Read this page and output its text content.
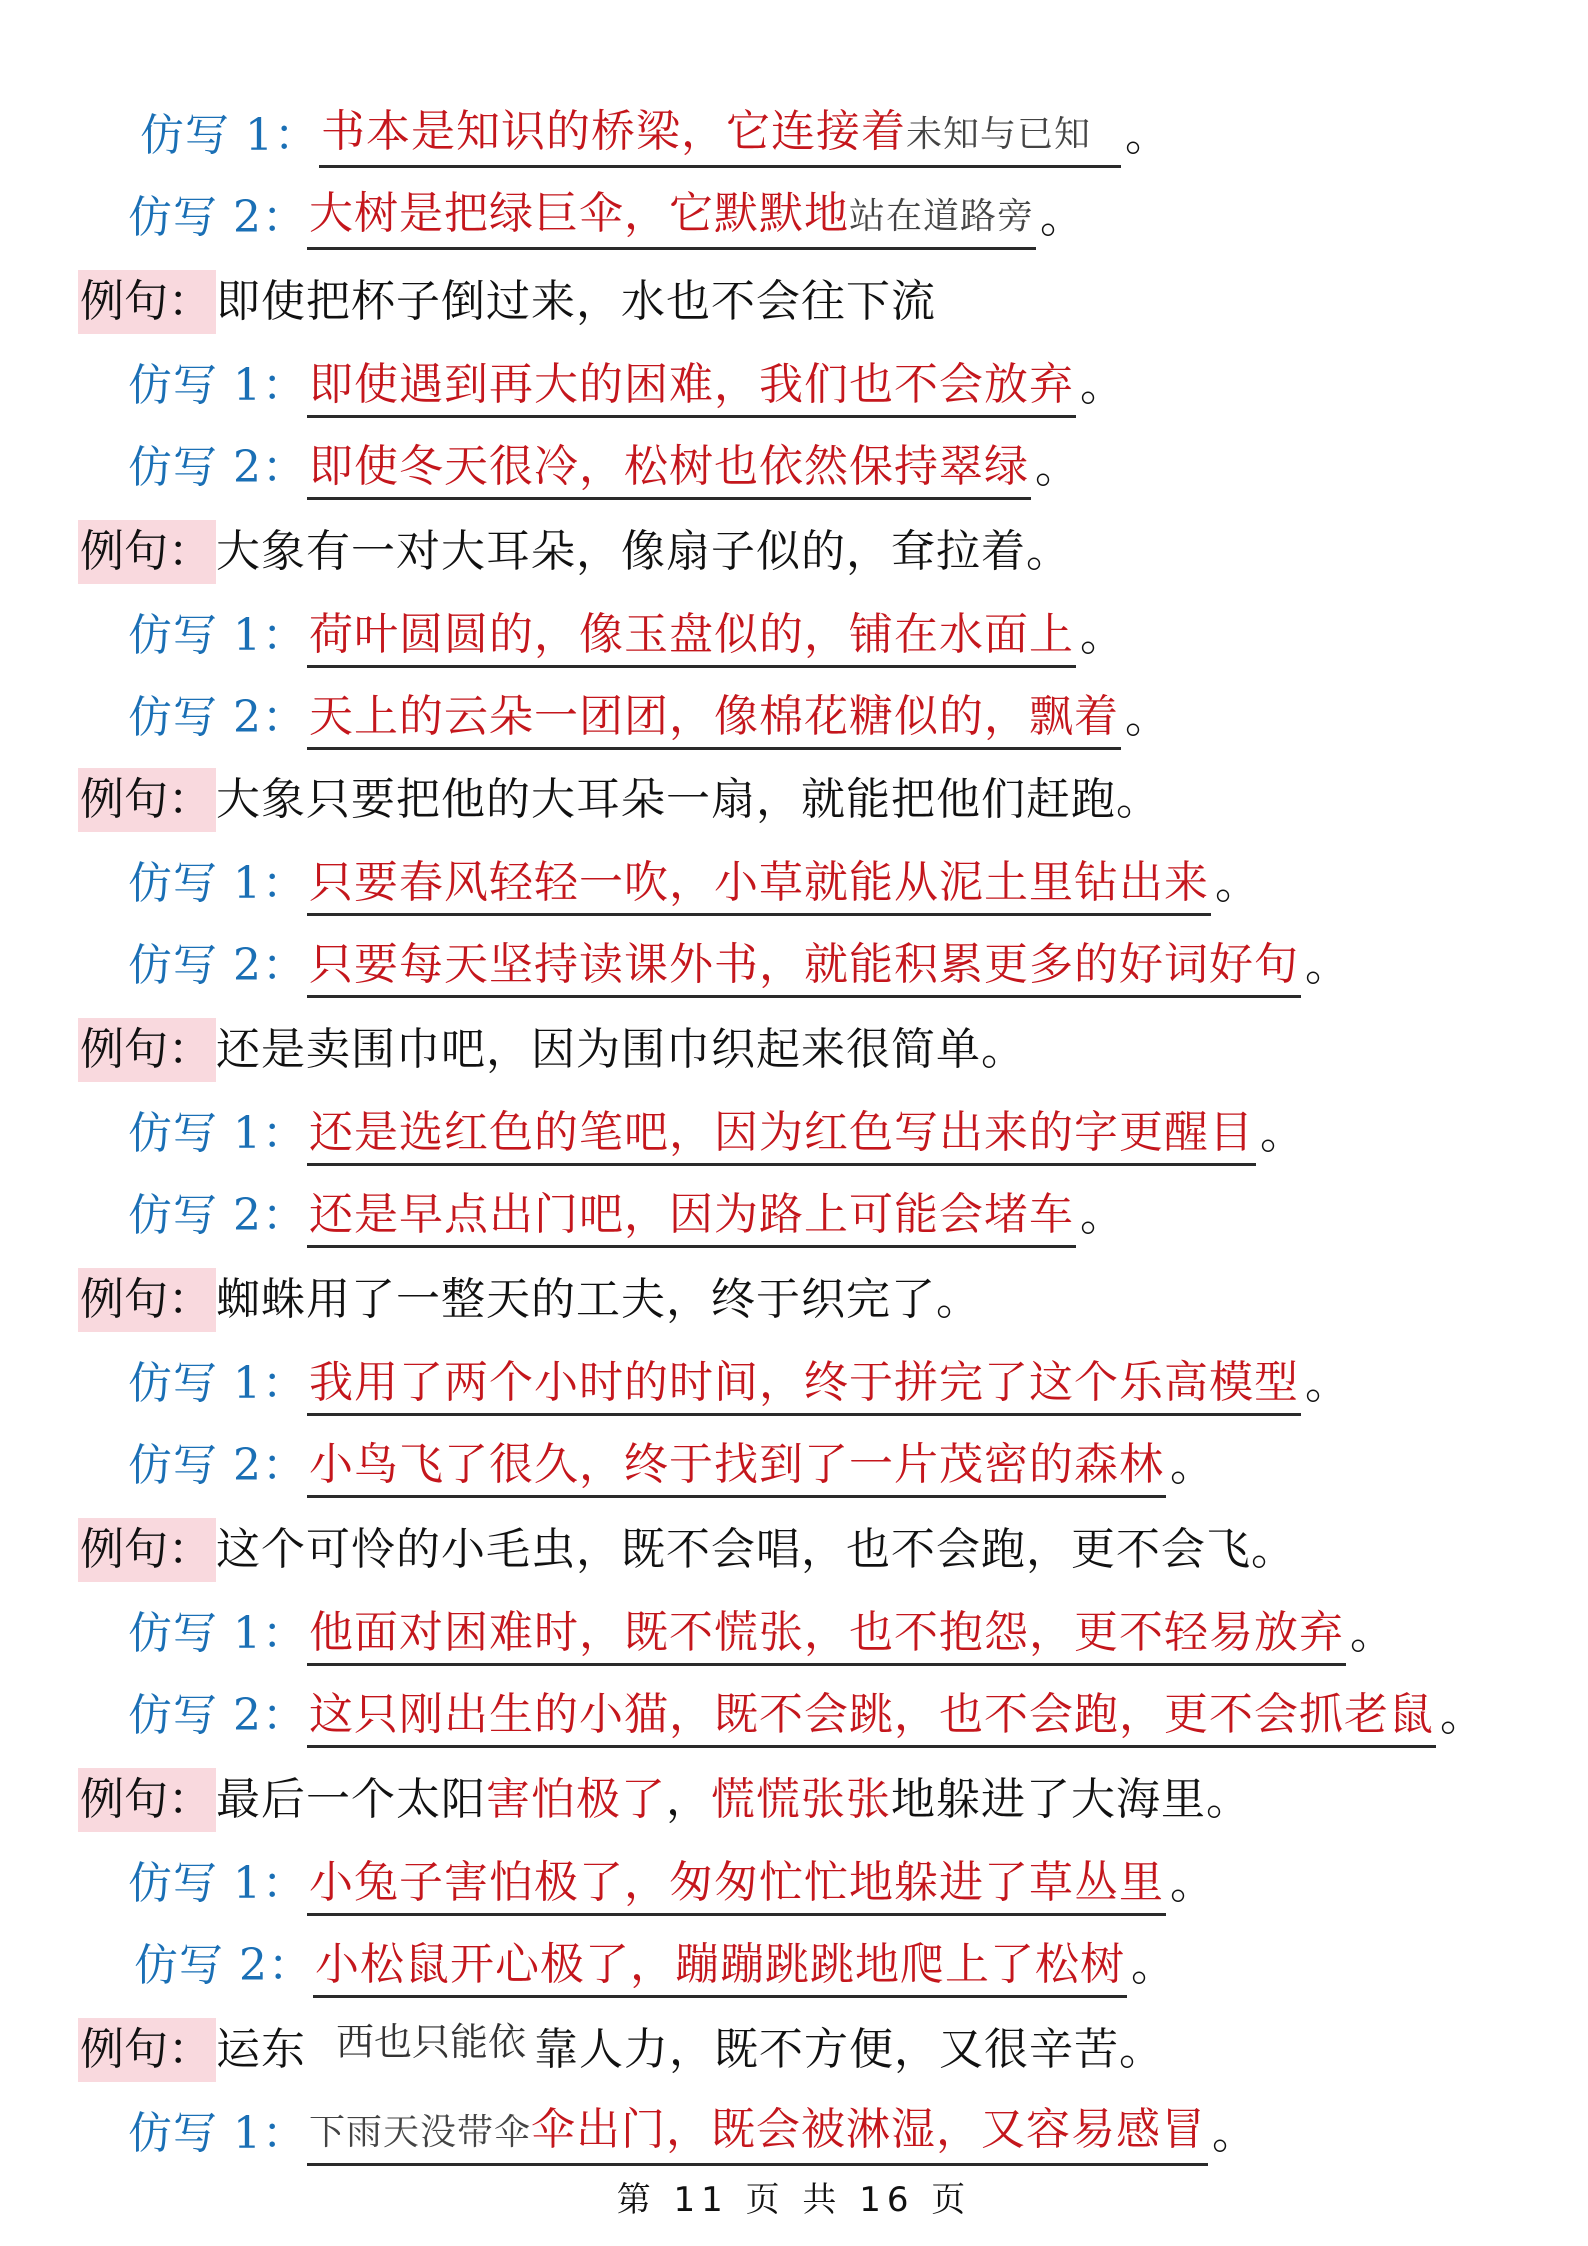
仿写 1： 书本是知识的桥梁，它连接着未知与已知 。
仿写 2： 大树是把绿巨伞，它默默地站在道路旁 。
例句： 即使把杯子倒过来，水也不会往下流
仿写 1： 即使遇到再大的困难，我们也不会放弃 。
仿写 2： 即使冬天很冷，松树也依然保持翠绿 。
例句： 大象有一对大耳朵，像扇子似的，耷拉着。
仿写 1： 荷叶圆圆的，像玉盘似的，铺在水面上 。
仿写 2： 天上的云朵一团团，像棉花糖似的，飘着 。
例句： 大象只要把他的大耳朵一扇，就能把他们赶跑。
仿写 1： 只要春风轻轻一吹，小草就能从泥土里钻出来 。
仿写 2： 只要每天坚持读课外书，就能积累更多的好词好句 。
例句： 还是卖围巾吧，因为围巾织起来很简单。
仿写 1： 还是选红色的笔吧，因为红色写出来的字更醒目 。
仿写 2： 还是早点出门吧，因为路上可能会堵车 。
例句： 蜘蛛用了一整天的工夫，终于织完了。
仿写 1： 我用了两个小时的时间，终于拼完了这个乐高模型 。
仿写 2： 小鸟飞了很久，终于找到了一片茂密的森林 。
例句： 这个可怜的小毛虫，既不会唱，也不会跑，更不会飞。
仿写 1： 他面对困难时，既不慌张，也不抱怨，更不轻易放弃 。
仿写 2： 这只刚出生的小猫，既不会跳，也不会跑，更不会抓老鼠 。
例句： 最后一个太阳害怕极了，慌慌张张地躲进了大海里。
仿写 1： 小兔子害怕极了，匆匆忙忙地躲进了草丛里 。
仿写 2： 小松鼠开心极了，蹦蹦跳跳地爬上了松树 。
例句： 运东	靠人力，既不方便，又很辛苦。
西也只能依
仿写 1： 下雨天没带伞伞出门，既会被淋湿，又容易感冒 。
第 11 页 共 16 页
